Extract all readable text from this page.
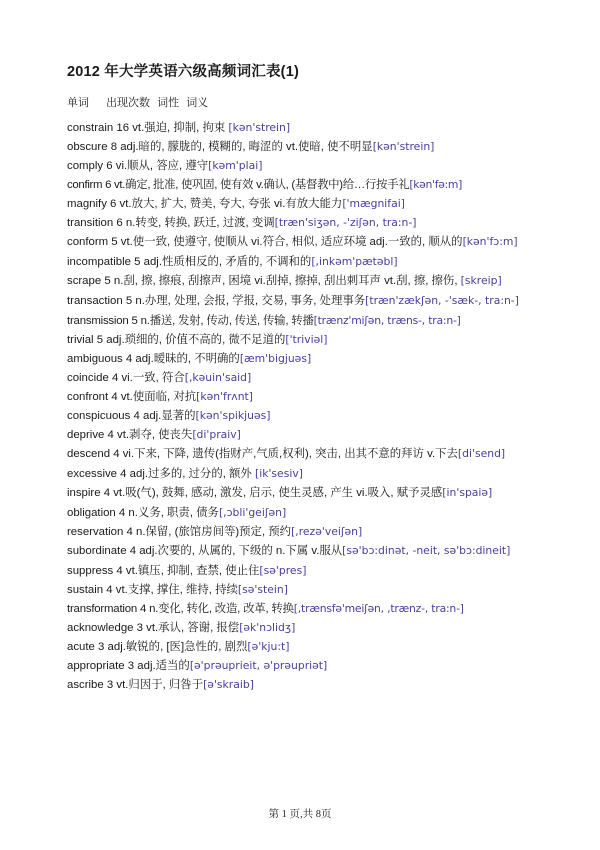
2012 年大学英语六级高频词汇表(1)
单词 出现次数 词性 词义
constrain 16 vt.强迫, 抑制, 拘束 [kən'strein]
obscure 8 adj.暗的, 朦胧的, 模糊的, 晦涩的 vt.使暗, 使不明显[kən'strein]
comply 6 vi.顺从, 答应, 遵守[kəm'plai]
confirm 6 vt.确定, 批准, 使巩固, 使有效 v.确认, (基督教中)给…行按手礼[kən'fə:m]
magnify 6 vt.放大, 扩大, 赞美, 夸大, 夸张 vi.有放大能力['mægnifai]
transition 6 n.转变, 转换, 跃迁, 过渡, 变调[træn'siʒən, -'ziʃən, tra:n-]
conform 5 vt.使一致, 使遵守, 使顺从 vi.符合, 相似, 适应环境 adj.一致的, 顺从的[kən'fɔ:m]
incompatible 5 adj.性质相反的, 矛盾的, 不调和的[,inkəm'pætəbl]
scrape 5 n.刮, 擦, 擦痕, 刮擦声, 困境 vi.刮掉, 擦掉, 刮出刺耳声 vt.刮, 擦, 擦伤, [skreip]
transaction 5 n.办理, 处理, 会报, 学报, 交易, 事务, 处理事务[træn'zækʃən, -'sæk-, tra:n-]
transmission 5 n.播送, 发射, 传动, 传送, 传输, 转播[trænz'miʃən, træns-, tra:n-]
trivial 5 adj.琐细的, 价值不高的, 微不足道的['triviəl]
ambiguous 4 adj.暧昧的, 不明确的[æm'bigjuəs]
coincide 4 vi.一致, 符合[,kəuin'said]
confront 4 vt.使面临, 对抗[kən'frʌnt]
conspicuous 4 adj.显著的[kən'spikjuəs]
deprive 4 vt.剥夺, 使丧失[di'praiv]
descend 4 vi.下来, 下降, 遗传(指财产,气质,权利), 突击, 出其不意的拜访 v.下去[di'send]
excessive 4 adj.过多的, 过分的, 额外 [ik'sesiv]
inspire 4 vt.吸(气), 鼓舞, 感动, 激发, 启示, 使生灵感, 产生 vi.吸入, 赋予灵感[in'spaiə]
obligation 4 n.义务, 职责, 债务[,ɔbli'geiʃən]
reservation 4 n.保留, (旅馆房间等)预定, 预约[,rezə'veiʃən]
subordinate 4 adj.次要的, 从属的, 下级的 n.下属 v.服从[sə'bɔ:dinət, -neit, sə'bɔ:dineit]
suppress 4 vt.镇压, 抑制, 查禁, 使止住[sə'pres]
sustain 4 vt.支撑, 撑住, 维持, 持续[sə'stein]
transformation 4 n.变化, 转化, 改造, 改革, 转换[,trænsfə'meiʃən, ,trænz-, tra:n-]
acknowledge 3 vt.承认, 答谢, 报偿[ək'nɔlidʒ]
acute 3 adj.敏锐的, [医]急性的, 剧烈[ə'kju:t]
appropriate 3 adj.适当的[ə'prəuprieit, ə'prəupriət]
ascribe 3 vt.归因于, 归咎于[ə'skraib]
第 1 页,共 8页
